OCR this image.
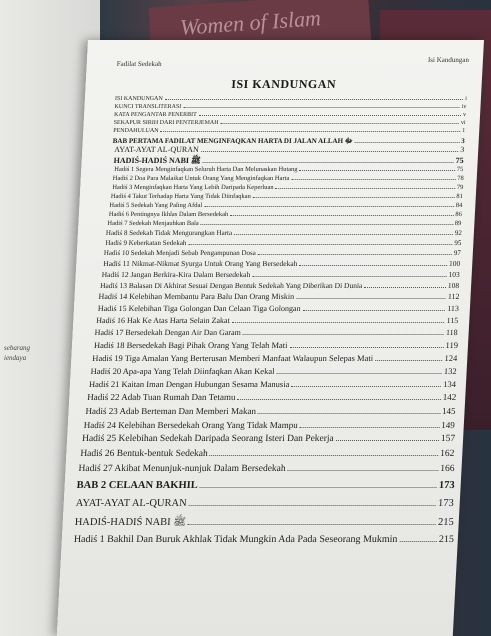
Women of Islam
sebarang
iendaya
Fadilat Sedekah	Isi Kandungan
ISI KANDUNGAN
ISI KANDUNGAN	i
KUNCI TRANSLITERASI	iv
KATA PENGANTAR PENERBIT	v
SEKAPUR SIRIH DARI PENTERJEMAH	vi
PENDAHULUAN	1
BAB PERTAMA FADILAT MENGINFAQKAN HARTA DI JALAN ALLAH ﷻ	3
AYAT-AYAT AL-QURAN	3
HADIŚ-HADIŚ NABI ﷺ	75
Hadiś 1 Segera Menginfaqkan Seluruh Harta Dan Melunaskan Hutang	75
Hadiś 2 Doa Para Malaikat Untuk Orang Yang Menginfaqkan Harta	78
Hadiś 3 Menginfaqkan Harta Yang Lebih Daripada Keperluan	79
Hadiś 4 Takut Terhadap Harta Yang Tidak Diinfaqkan	81
Hadiś 5 Sedekah Yang Paling Afdal	84
Hadiś 6 Pentingnya Ikhlas Dalam Bersedekah	86
Hadiś 7 Sedekah Menjauhkan Bala	89
Hadiś 8 Sedekah Tidak Mengurangkan Harta	92
Hadiś 9 Keberkatan Sedekah	95
Hadiś 10 Sedekah Menjadi Sebab Pengampunan Dosa	97
Hadiś 11 Nikmat-Nikmat Syurga Untuk Orang Yang Bersedekah	100
Hadiś 12 Jangan Berkira-Kira Dalam Bersedekah	103
Hadiś 13 Balasan Di Akhirat Sesuai Dengan Bentuk Sedekah Yang Diberikan Di Dunia	108
Hadiś 14 Kelebihan Membantu Para Balu Dan Orang Miskin	112
Hadiś 15 Kelebihan Tiga Golongan Dan Celaan Tiga Golongan	113
Hadiś 16 Hak Ke Atas Harta Selain Zakat	115
Hadiś 17 Bersedekah Dengan Air Dan Garam	118
Hadiś 18 Bersedekah Bagi Pihak Orang Yang Telah Mati	119
Hadiś 19 Tiga Amalan Yang Berterusan Memberi Manfaat Walaupun Selepas Mati	124
Hadiś 20 Apa-apa Yang Telah Diinfaqkan Akan Kekal	132
Hadiś 21 Kaitan Iman Dengan Hubungan Sesama Manusia	134
Hadiś 22 Adab Tuan Rumah Dan Tetamu	142
Hadiś 23 Adab Berteman Dan Memberi Makan	145
Hadiś 24 Kelebihan Bersedekah Orang Yang Tidak Mampu	149
Hadiś 25 Kelebihan Sedekah Daripada Seorang Isteri Dan Pekerja	157
Hadiś 26 Bentuk-bentuk Sedekah	162
Hadiś 27 Akibat Menunjuk-nunjuk Dalam Bersedekah	166
BAB 2 CELAAN BAKHIL	173
AYAT-AYAT AL-QURAN	173
HADIŚ-HADIŚ NABI ﷺ	215
Hadiś 1 Bakhil Dan Buruk Akhlak Tidak Mungkin Ada Pada Seseorang Mukmin	215
